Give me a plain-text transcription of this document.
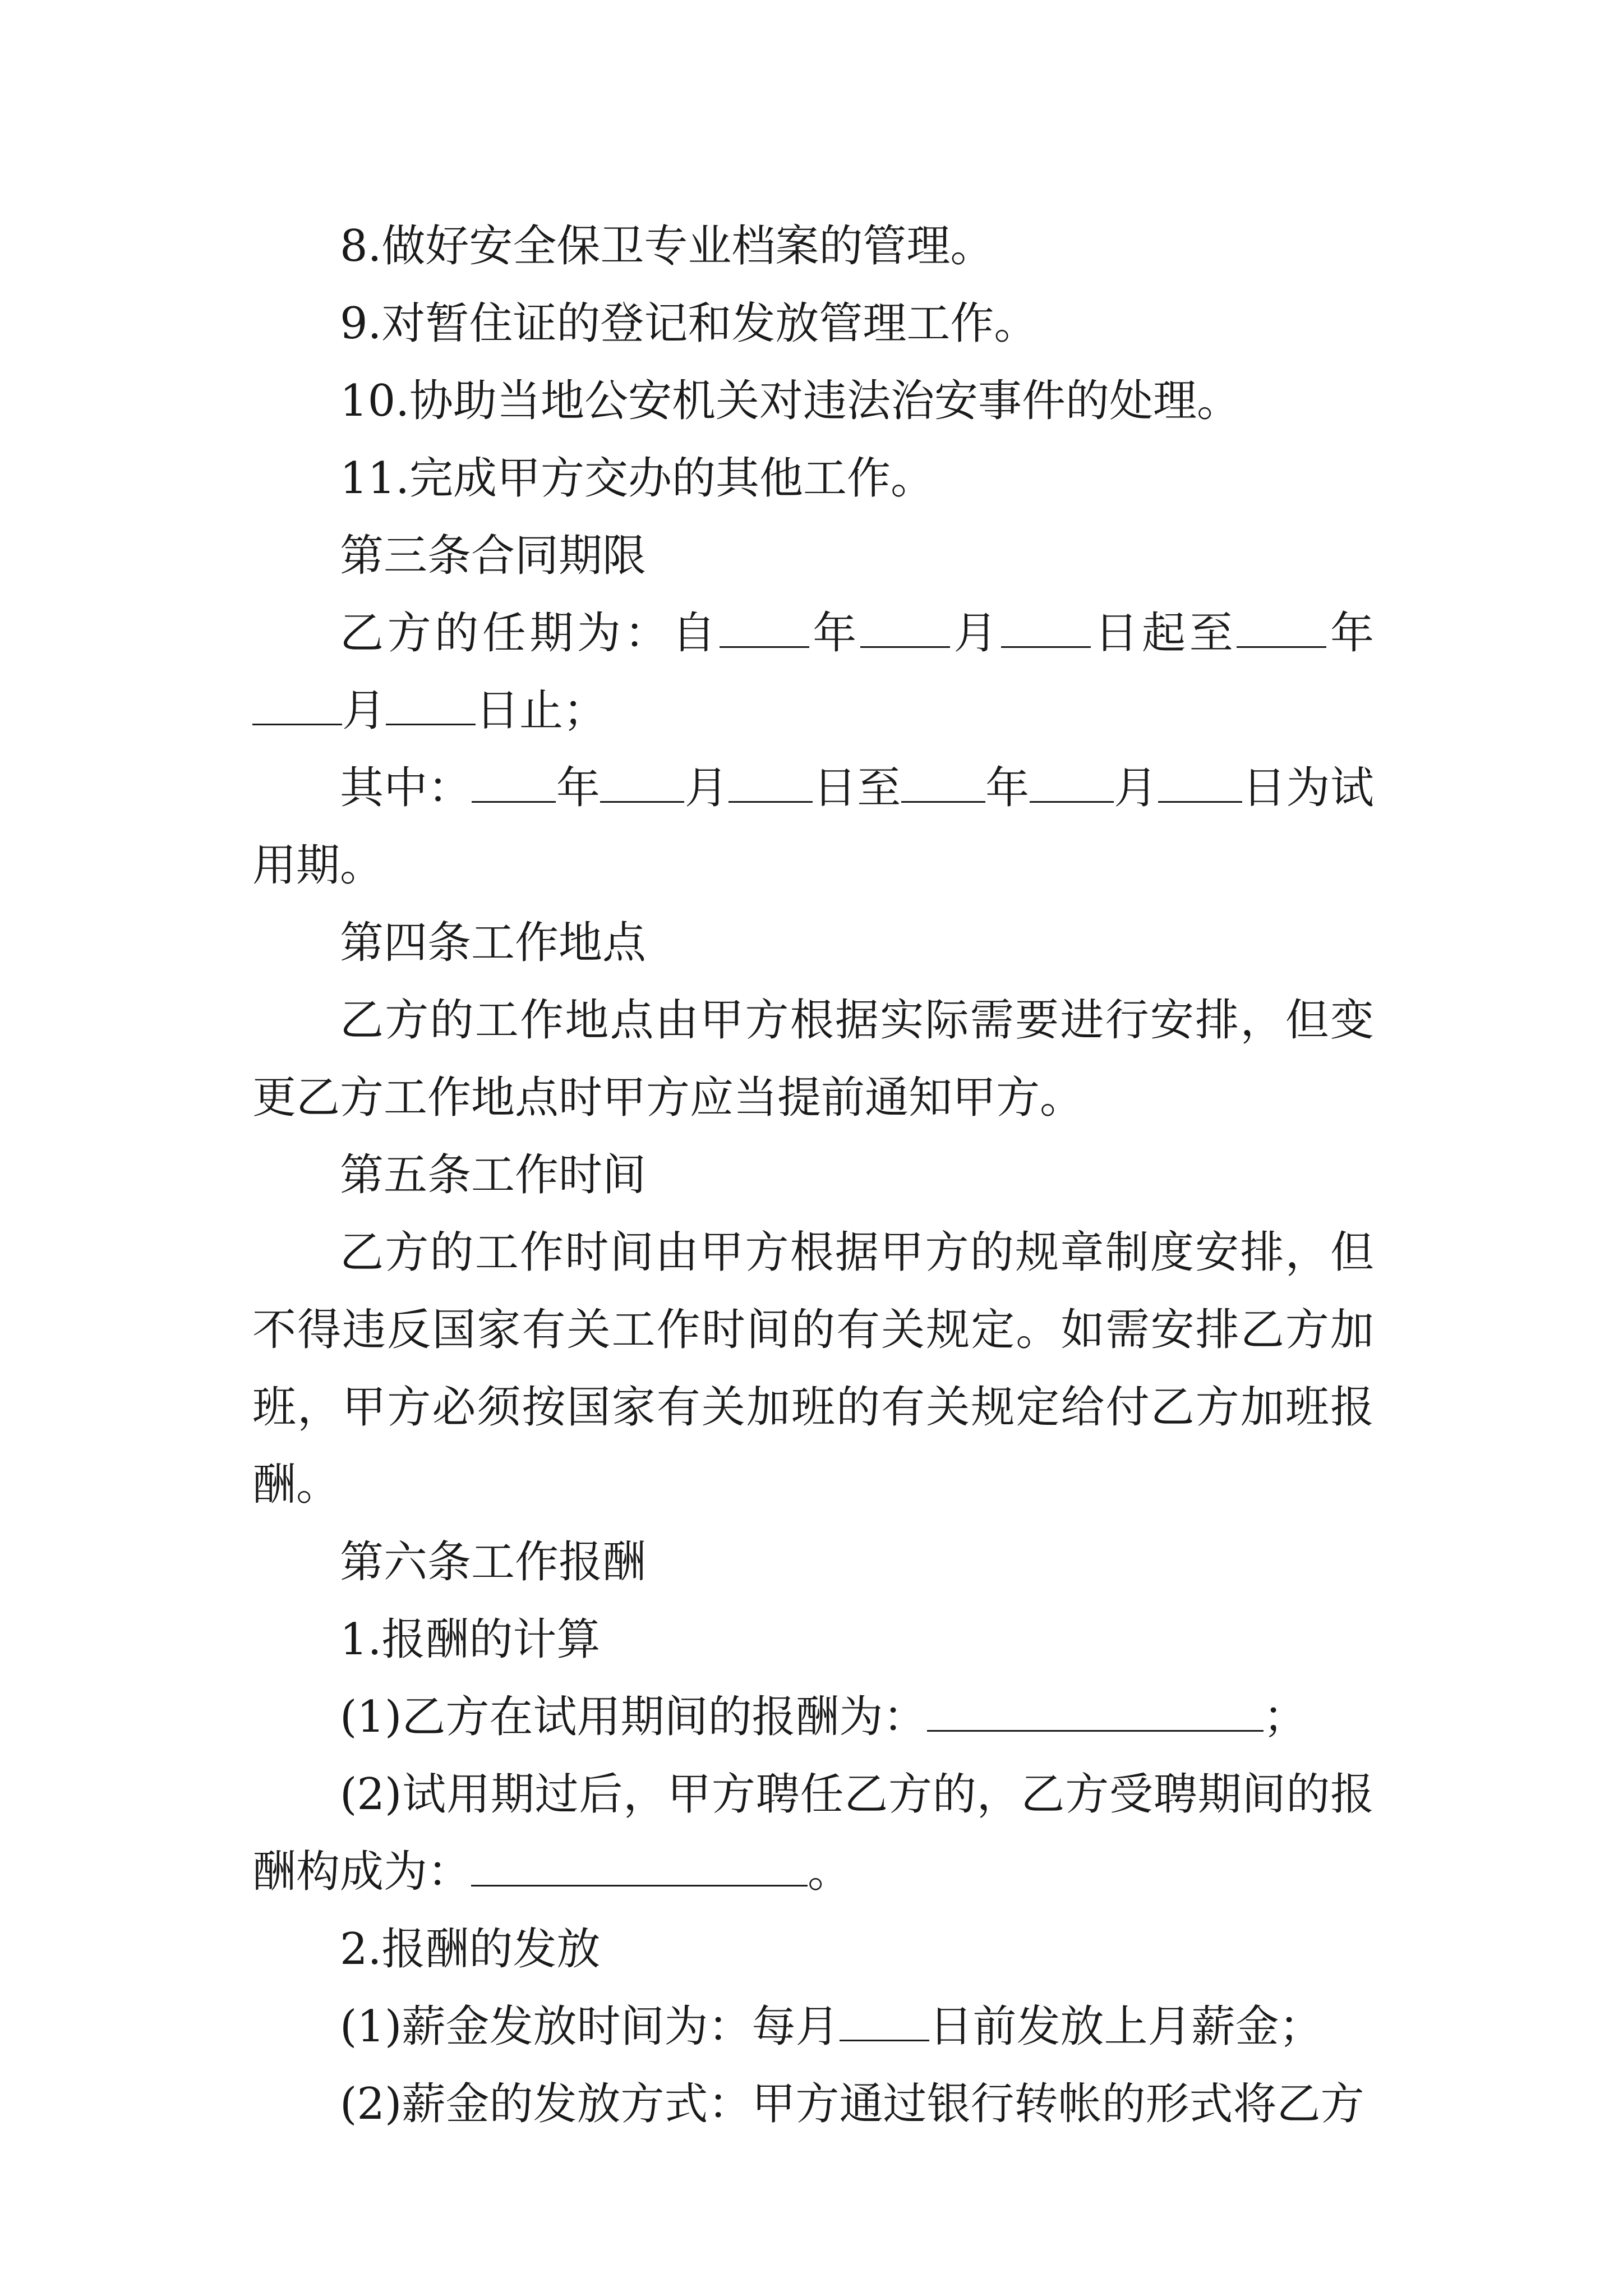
8.做好安全保卫专业档案的管理。

9.对暂住证的登记和发放管理工作。

10.协助当地公安机关对违法治安事件的处理。

11.完成甲方交办的其他工作。

第三条合同期限

乙方的任期为：自 年 月 日起至 年月 日止；

其中： 年 月 日至 年 月 日为试用期。

第四条工作地点

乙方的工作地点由甲方根据实际需要进行安排，但变更乙方工作地点时甲方应当提前通知甲方。

第五条工作时间

乙方的工作时间由甲方根据甲方的规章制度安排，但不得违反国家有关工作时间的有关规定。如需安排乙方加班，甲方必须按国家有关加班的有关规定给付乙方加班报酬。

第六条工作报酬

1.报酬的计算

(1)乙方在试用期间的报酬为：	；

(2)试用期过后，甲方聘任乙方的，乙方受聘期间的报酬构成为：	。

2.报酬的发放

(1)薪金发放时间为：每月 日前发放上月薪金；

(2)薪金的发放方式：甲方通过银行转帐的形式将乙方
